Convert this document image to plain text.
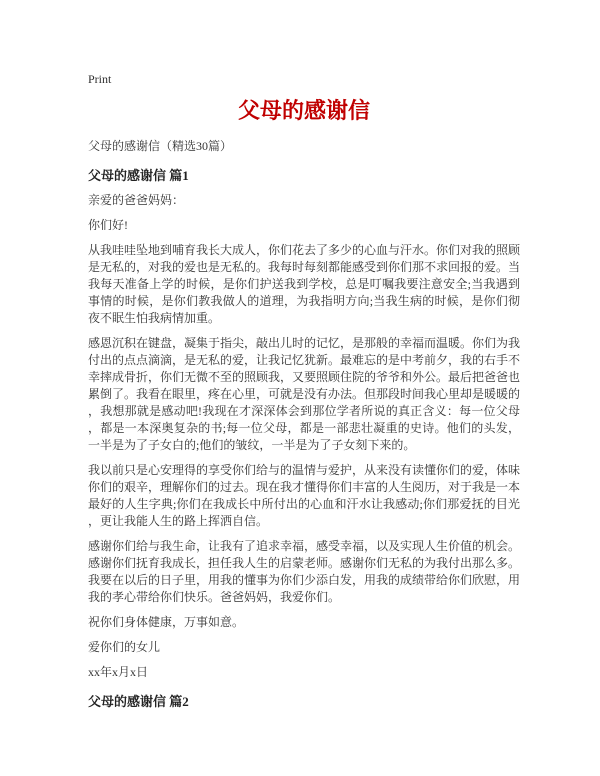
Print
父母的感谢信

父母的感谢信（精选30篇）

父母的感谢信 篇1

亲爱的爸爸妈妈：

你们好!

从我哇哇坠地到哺育我长大成人，你们花去了多少的心血与汗水。你们对我的照顾是无私的，对我的爱也是无私的。我每时每刻都能感受到你们那不求回报的爱。当我每天准备上学的时候，是你们护送我到学校，总是叮嘱我要注意安全;当我遇到事情的时候，是你们教我做人的道理，为我指明方向;当我生病的时候，是你们彻夜不眠生怕我病情加重。

感恩沉积在键盘，凝集于指尖，敲出儿时的记忆，是那般的幸福而温暖。你们为我付出的点点滴滴，是无私的爱，让我记忆犹新。最难忘的是中考前夕，我的右手不幸摔成骨折，你们无微不至的照顾我，又要照顾住院的爷爷和外公。最后把爸爸也累倒了。我看在眼里，疼在心里，可就是没有办法。但那段时间我心里却是暖暖的，我想那就是感动吧!我现在才深深体会到那位学者所说的真正含义：每一位父母，都是一本深奥复杂的书;每一位父母，都是一部悲壮凝重的史诗。他们的头发，一半是为了子女白的;他们的皱纹，一半是为了子女刻下来的。

我以前只是心安理得的享受你们给与的温情与爱护，从来没有读懂你们的爱，体味你们的艰辛，理解你们的过去。现在我才懂得你们丰富的人生阅历，对于我是一本最好的人生字典;你们在我成长中所付出的心血和汗水让我感动;你们那爱抚的目光，更让我能人生的路上挥洒自信。

感谢你们给与我生命，让我有了追求幸福，感受幸福，以及实现人生价值的机会。感谢你们抚育我成长，担任我人生的启蒙老师。感谢你们无私的为我付出那么多。我要在以后的日子里，用我的懂事为你们少添白发，用我的成绩带给你们欣慰，用我的孝心带给你们快乐。爸爸妈妈，我爱你们。

祝你们身体健康，万事如意。

爱你们的女儿

xx年x月x日

父母的感谢信 篇2
